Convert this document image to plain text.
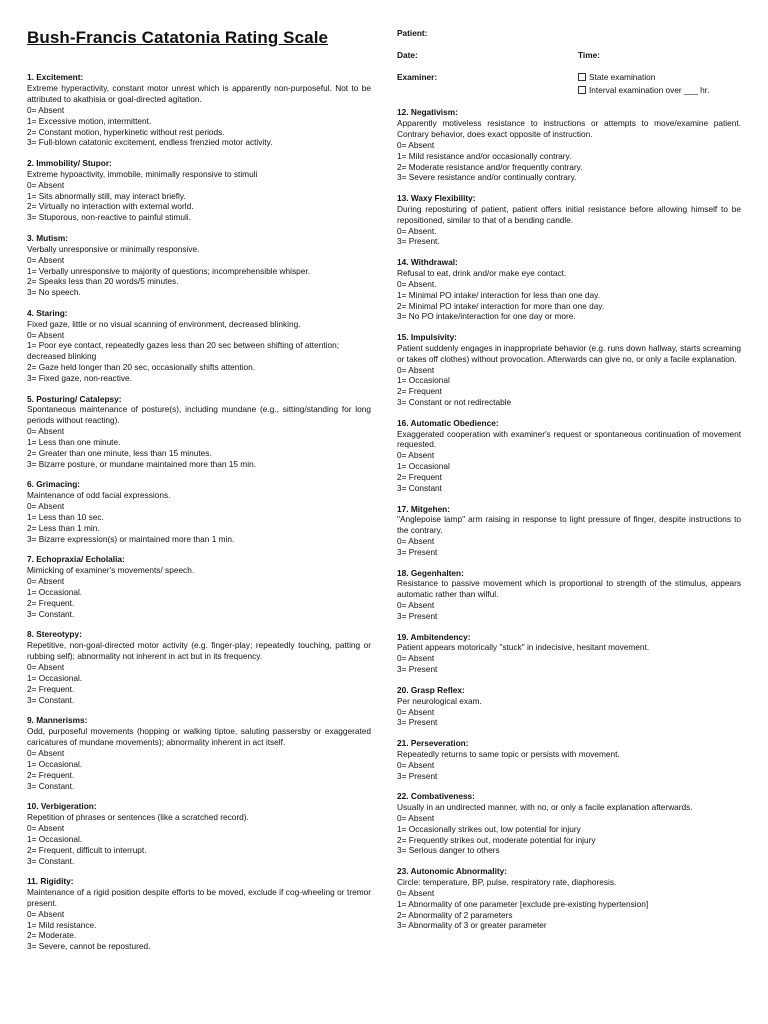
Bush-Francis Catatonia Rating Scale	Patient:
Date:	Time:
Examiner:	State examination
Interval examination over ___ hr.
1. Excitement:
Extreme hyperactivity, constant motor unrest which is apparently non-purposeful. Not to be attributed to akathisia or goal-directed agitation.
0= Absent
1= Excessive motion, intermittent.
2= Constant motion, hyperkinetic without rest periods.
3= Full-blown catatonic excitement, endless frenzied motor activity.
2. Immobility/ Stupor:
Extreme hypoactivity, immobile, minimally responsive to stimuli
0= Absent
1= Sits abnormally still, may interact briefly.
2= Virtually no interaction with external world.
3= Stuporous, non-reactive to painful stimuli.
3. Mutism:
Verbally unresponsive or minimally responsive.
0= Absent
1= Verbally unresponsive to majority of questions; incomprehensible whisper.
2= Speaks less than 20 words/5 minutes.
3= No speech.
4. Staring:
Fixed gaze, little or no visual scanning of environment, decreased blinking.
0= Absent
1= Poor eye contact, repeatedly gazes less than 20 sec between shifting of attention; decreased blinking
2= Gaze held longer than 20 sec, occasionally shifts attention.
3= Fixed gaze, non-reactive.
5. Posturing/ Catalepsy:
Spontaneous maintenance of posture(s), including mundane (e.g., sitting/standing for long periods without reacting).
0= Absent
1= Less than one minute.
2= Greater than one minute, less than 15 minutes.
3= Bizarre posture, or mundane maintained more than 15 min.
6. Grimacing:
Maintenance of odd facial expressions.
0= Absent
1= Less than 10 sec.
2= Less than 1 min.
3= Bizarre expression(s) or maintained more than 1 min.
7. Echopraxia/ Echolalia:
Mimicking of examiner's movements/ speech.
0= Absent
1= Occasional.
2= Frequent.
3= Constant.
8. Stereotypy:
Repetitive, non-goal-directed motor activity (e.g. finger-play; repeatedly touching, patting or rubbing self); abnormality not inherent in act but in its frequency.
0= Absent
1= Occasional.
2= Frequent.
3= Constant.
9. Mannerisms:
Odd, purposeful movements (hopping or walking tiptoe, saluting passersby or exaggerated caricatures of mundane movements); abnormality inherent in act itself.
0= Absent
1= Occasional.
2= Frequent.
3= Constant.
10. Verbigeration:
Repetition of phrases or sentences (like a scratched record).
0= Absent
1= Occasional.
2= Frequent, difficult to interrupt.
3= Constant.
11. Rigidity:
Maintenance of a rigid position despite efforts to be moved, exclude if cog-wheeling or tremor present.
0= Absent
1= Mild resistance.
2= Moderate.
3= Severe, cannot be repostured.
12. Negativism:
Apparently motiveless resistance to instructions or attempts to move/examine patient. Contrary behavior, does exact opposite of instruction.
0= Absent
1= Mild resistance and/or occasionally contrary.
2= Moderate resistance and/or frequently contrary.
3= Severe resistance and/or continually contrary.
13. Waxy Flexibility:
During reposturing of patient, patient offers initial resistance before allowing himself to be repositioned, similar to that of a bending candle.
0= Absent.
3= Present.
14. Withdrawal:
Refusal to eat, drink and/or make eye contact.
0= Absent.
1= Minimal PO intake/ interaction for less than one day.
2= Minimal PO intake/ interaction for more than one day.
3= No PO intake/interaction for one day or more.
15. Impulsivity:
Patient suddenly engages in inappropriate behavior (e.g. runs down hallway, starts screaming or takes off clothes) without provocation. Afterwards can give no, or only a facile explanation.
0= Absent
1= Occasional
2= Frequent
3= Constant or not redirectable
16. Automatic Obedience:
Exaggerated cooperation with examiner's request or spontaneous continuation of movement requested.
0= Absent
1= Occasional
2= Frequent
3= Constant
17. Mitgehen:
"Anglepoise lamp" arm raising in response to light pressure of finger, despite instructions to the contrary.
0= Absent
3= Present
18. Gegenhalten:
Resistance to passive movement which is proportional to strength of the stimulus, appears automatic rather than wilful.
0= Absent
3= Present
19. Ambitendency:
Patient appears motorically "stuck" in indecisive, hesitant movement.
0= Absent
3= Present
20. Grasp Reflex:
Per neurological exam.
0= Absent
3= Present
21. Perseveration:
Repeatedly returns to same topic or persists with movement.
0= Absent
3= Present
22. Combativeness:
Usually in an undirected manner, with no, or only a facile explanation afterwards.
0= Absent
1= Occasionally strikes out, low potential for injury
2= Frequently strikes out, moderate potential for injury
3= Serious danger to others
23. Autonomic Abnormality:
Circle: temperature, BP, pulse, respiratory rate, diaphoresis.
0= Absent
1= Abnormality of one parameter [exclude pre-existing hypertension]
2= Abnormality of 2 parameters
3= Abnormality of 3 or greater parameter
